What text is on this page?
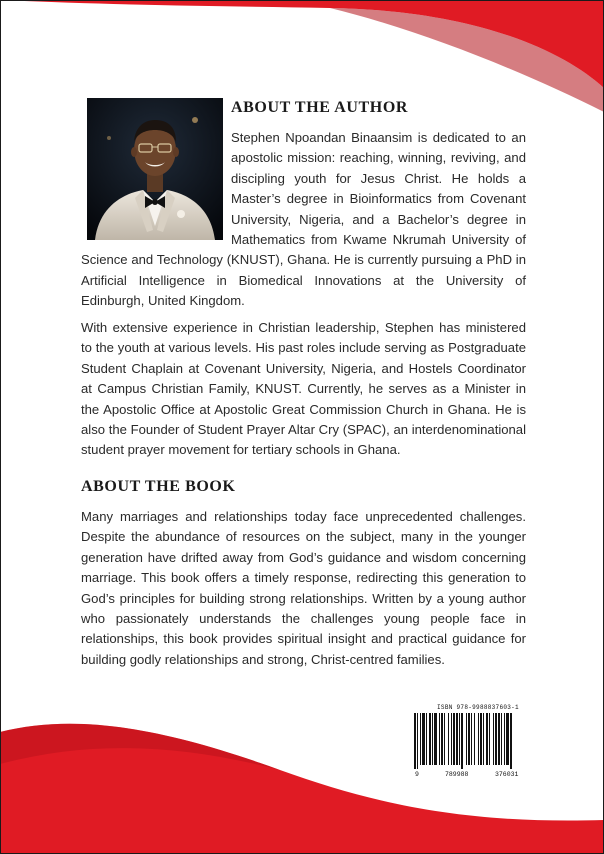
ABOUT THE AUTHOR

Stephen Npoandan Binaansim is dedicated to an apostolic mission: reaching, winning, reviving, and discipling youth for Jesus Christ. He holds a Master’s degree in Bioinformatics from Covenant University, Nigeria, and a Bachelor’s degree in Mathematics from Kwame Nkrumah University of Science and Technology (KNUST), Ghana. He is currently pursuing a PhD in Artificial Intelligence in Biomedical Innovations at the University of Edinburgh, United Kingdom.

With extensive experience in Christian leadership, Stephen has ministered to the youth at various levels. His past roles include serving as Postgraduate Student Chaplain at Covenant University, Nigeria, and Hostels Coordinator at Campus Christian Family, KNUST. Currently, he serves as a Minister in the Apostolic Office at Apostolic Great Commission Church in Ghana. He is also the Founder of Student Prayer Altar Cry (SPAC), an interdenominational student prayer movement for tertiary schools in Ghana.

ABOUT THE BOOK

Many marriages and relationships today face unprecedented challenges. Despite the abundance of resources on the subject, many in the younger generation have drifted away from God’s guidance and wisdom concerning marriage. This book offers a timely response, redirecting this generation to God’s principles for building strong relationships. Written by a young author who passionately understands the challenges young people face in relationships, this book provides spiritual insight and practical guidance for building godly relationships and strong, Christ-centred families.

ISBN 978-9988837603-1
9	789988	376031
